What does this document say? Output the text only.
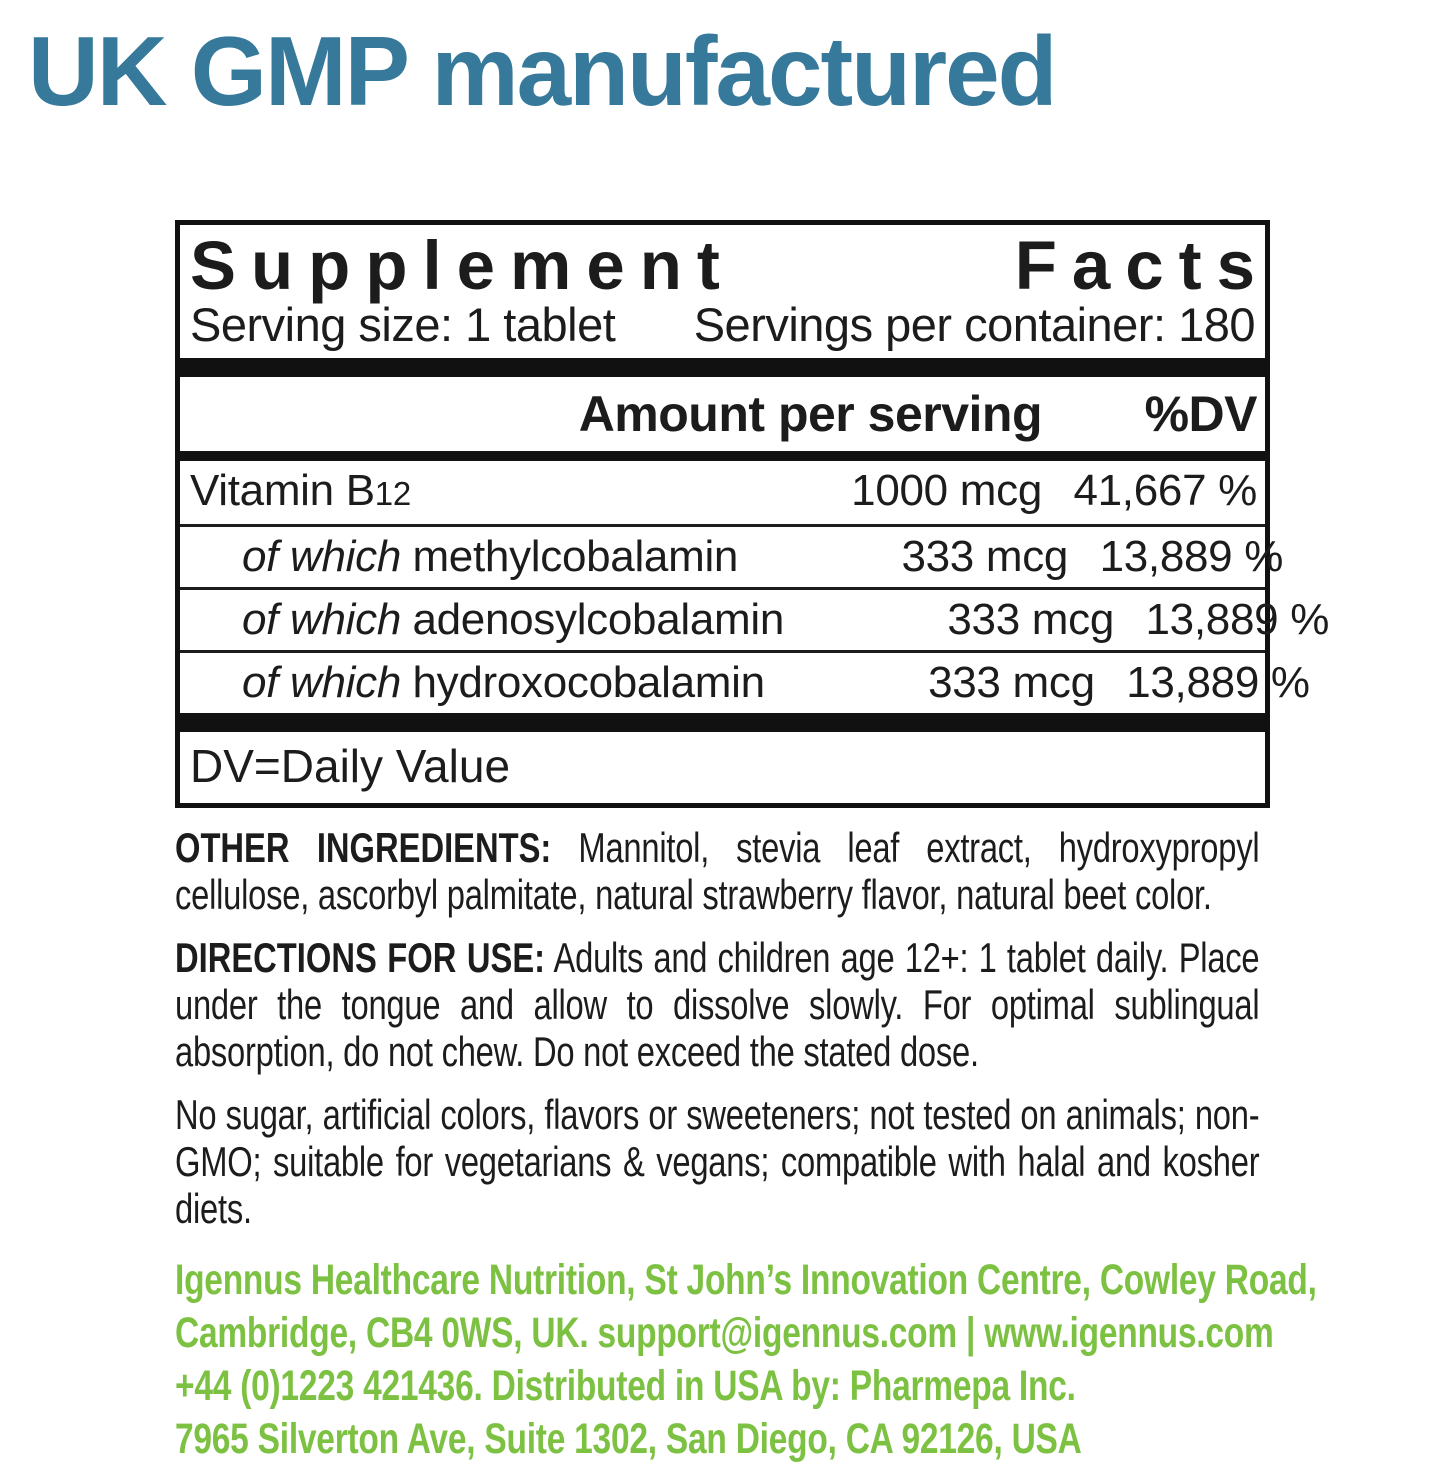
UK GMP manufactured
Supplement	Facts
Serving size: 1 tablet Servings per container: 180
Amount per serving	%DV
Vitamin B12	1000 mcg 41,667 %
of which methylcobalamin	333 mcg 13,889 %
of which adenosylcobalamin	333 mcg 13,889 %
of which hydroxocobalamin	333 mcg 13,889 %
DV=Daily Value

OTHER INGREDIENTS: Mannitol, stevia leaf extract, hydroxypropyl cellulose, ascorbyl palmitate, natural strawberry flavor, natural beet color.

DIRECTIONS FOR USE: Adults and children age 12+: 1 tablet daily. Place under the tongue and allow to dissolve slowly. For optimal sublingual absorption, do not chew. Do not exceed the stated dose.

No sugar, artificial colors, flavors or sweeteners; not tested on animals; non-GMO; suitable for vegetarians & vegans; compatible with halal and kosher diets.

Igennus Healthcare Nutrition, St John’s Innovation Centre, Cowley Road,
Cambridge, CB4 0WS, UK. support@igennus.com | www.igennus.com
+44 (0)1223 421436. Distributed in USA by: Pharmepa Inc.
7965 Silverton Ave, Suite 1302, San Diego, CA 92126, USA
